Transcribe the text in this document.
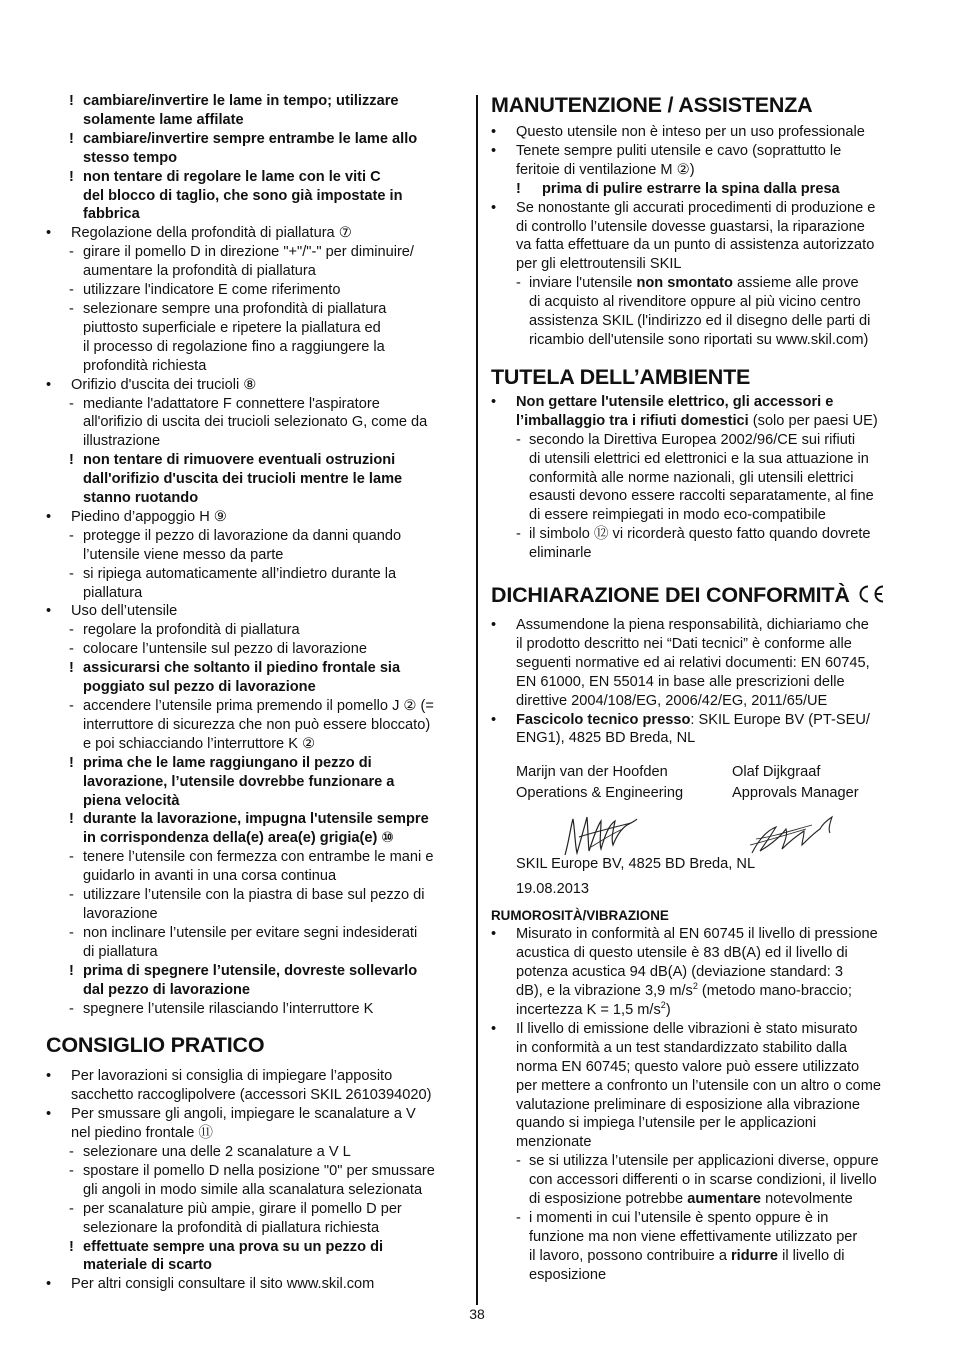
! cambiare/invertire le lame in tempo; utilizzare
solamente lame affilate
! cambiare/invertire sempre entrambe le lame allo
stesso tempo
! non tentare di regolare le lame con le viti C
del blocco di taglio, che sono già impostate in
fabbrica
• Regolazione della profondità di piallatura ⑦
- girare il pomello D in direzione "+"/"-" per diminuire/
aumentare la profondità di piallatura
- utilizzare l'indicatore E come riferimento
- selezionare sempre una profondità di piallatura
piuttosto superficiale e ripetere la piallatura ed
il processo di regolazione fino a raggiungere la
profondità richiesta
• Orifizio d'uscita dei trucioli ⑧
- mediante l'adattatore F connettere l'aspiratore
all'orifizio di uscita dei trucioli selezionato G, come da
illustrazione
! non tentare di rimuovere eventuali ostruzioni
dall'orifizio d'uscita dei trucioli mentre le lame
stanno ruotando
• Piedino d’appoggio H ⑨
- protegge il pezzo di lavorazione da danni quando
l’utensile viene messo da parte
- si ripiega automaticamente all’indietro durante la
piallatura
• Uso dell’utensile
- regolare la profondità di piallatura
- colocare l’untensile sul pezzo di lavorazione
! assicurarsi che soltanto il piedino frontale sia
poggiato sul pezzo di lavorazione
- accendere l’utensile prima premendo il pomello J ② (=
interruttore di sicurezza che non può essere bloccato)
e poi schiacciando l’interruttore K ②
! prima che le lame raggiungano il pezzo di
lavorazione, l’utensile dovrebbe funzionare a
piena velocità
! durante la lavorazione, impugna l'utensile sempre
in corrispondenza della(e) area(e) grigia(e) ⑩
- tenere l’utensile con fermezza con entrambe le mani e
guidarlo in avanti in una corsa continua
- utilizzare l’utensile con la piastra di base sul pezzo di
lavorazione
- non inclinare l’utensile per evitare segni indesiderati
di piallatura
! prima di spegnere l’utensile, dovreste sollevarlo
dal pezzo di lavorazione
- spegnere l’utensile rilasciando l’interruttore K
CONSIGLIO PRATICO
• Per lavorazioni si consiglia di impiegare l’apposito
sacchetto raccoglipolvere (accessori SKIL 2610394020)
• Per smussare gli angoli, impiegare le scanalature a V
nel piedino frontale ⑪
- selezionare una delle 2 scanalature a V L
- spostare il pomello D nella posizione "0" per smussare
gli angoli in modo simile alla scanalatura selezionata
- per scanalature più ampie, girare il pomello D per
selezionare la profondità di piallatura richiesta
! effettuate sempre una prova su un pezzo di
materiale di scarto
• Per altri consigli consultare il sito www.skil.com
MANUTENZIONE / ASSISTENZA
• Questo utensile non è inteso per un uso professionale
• Tenete sempre puliti utensile e cavo (soprattutto le
feritoie di ventilazione M ②)
! prima di pulire estrarre la spina dalla presa
• Se nonostante gli accurati procedimenti di produzione e
di controllo l’utensile dovesse guastarsi, la riparazione
va fatta effettuare da un punto di assistenza autorizzato
per gli elettroutensili SKIL
- inviare l'utensile non smontato assieme alle prove
di acquisto al rivenditore oppure al più vicino centro
assistenza SKIL (l'indirizzo ed il disegno delle parti di
ricambio dell'utensile sono riportati su www.skil.com)
TUTELA DELL’AMBIENTE
• Non gettare l'utensile elettrico, gli accessori e
l’imballaggio tra i rifiuti domestici (solo per paesi UE)
- secondo la Direttiva Europea 2002/96/CE sui rifiuti
di utensili elettrici ed elettronici e la sua attuazione in
conformità alle norme nazionali, gli utensili elettrici
esausti devono essere raccolti separatamente, al fine
di essere reimpiegati in modo eco-compatibile
- il simbolo ⑫ vi ricorderà questo fatto quando dovrete
eliminarle
DICHIARAZIONE DEI CONFORMITÀ
• Assumendone la piena responsabilità, dichiariamo che
il prodotto descritto nei “Dati tecnici” è conforme alle
seguenti normative ed ai relativi documenti: EN 60745,
EN 61000, EN 55014 in base alle prescrizioni delle
direttive 2004/108/EG, 2006/42/EG, 2011/65/UE
• Fascicolo tecnico presso: SKIL Europe BV (PT-SEU/
ENG1), 4825 BD Breda, NL
Marijn van der Hoofden
Operations & Engineering
Olaf Dijkgraaf
Approvals Manager
SKIL Europe BV, 4825 BD Breda, NL
19.08.2013
RUMOROSITÀ/VIBRAZIONE
• Misurato in conformità al EN 60745 il livello di pressione
acustica di questo utensile è 83 dB(A) ed il livello di
potenza acustica 94 dB(A) (deviazione standard: 3
dB), e la vibrazione 3,9 $m/s^2$ (metodo mano-braccio;
incertezza K = 1,5 $m/s^2$)
• Il livello di emissione delle vibrazioni è stato misurato
in conformità a un test standardizzato stabilito dalla
norma EN 60745; questo valore può essere utilizzato
per mettere a confronto un l’utensile con un altro o come
valutazione preliminare di esposizione alla vibrazione
quando si impiega l’utensile per le applicazioni
menzionate
- se si utilizza l’utensile per applicazioni diverse, oppure
con accessori differenti o in scarse condizioni, il livello
di esposizione potrebbe aumentare notevolmente
- i momenti in cui l’utensile è spento oppure è in
funzione ma non viene effettivamente utilizzato per
il lavoro, possono contribuire a ridurre il livello di
esposizione
38
